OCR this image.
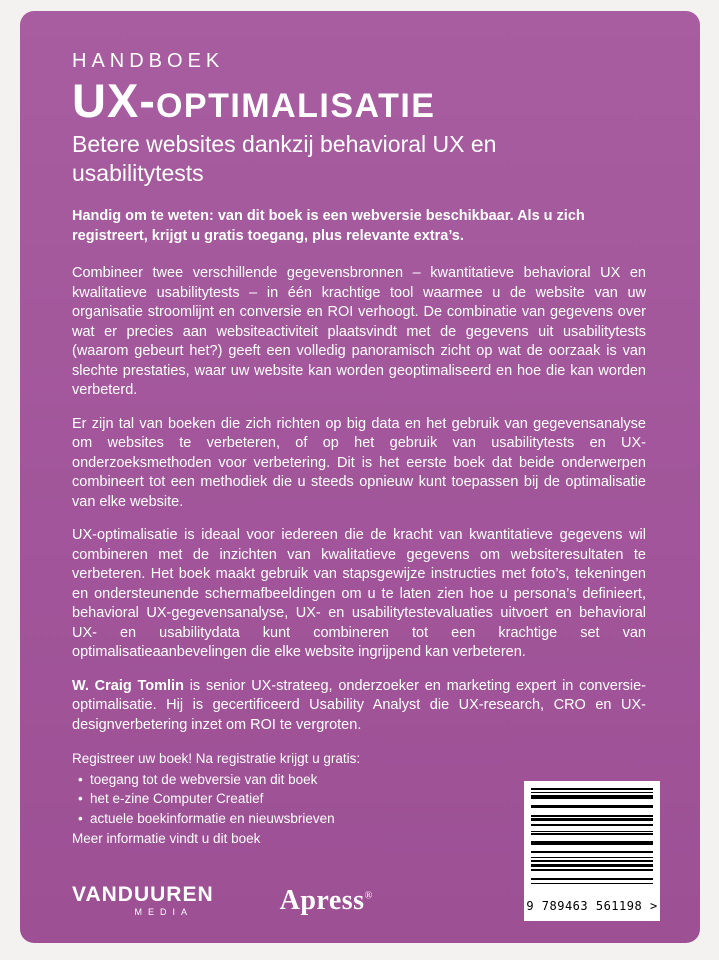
HANDBOEK
UX-OPTIMALISATIE
Betere websites dankzij behavioral UX en usabilitytests

Handig om te weten: van dit boek is een webversie beschikbaar. Als u zich registreert, krijgt u gratis toegang, plus relevante extra’s.

Combineer twee verschillende gegevensbronnen – kwantitatieve behavioral UX en kwalitatieve usabilitytests – in één krachtige tool waarmee u de website van uw organisatie stroomlijnt en conversie en ROI verhoogt. De combinatie van gegevens over wat er precies aan websiteactiviteit plaatsvindt met de gegevens uit usabilitytests (waarom gebeurt het?) geeft een volledig panoramisch zicht op wat de oorzaak is van slechte prestaties, waar uw website kan worden geoptimaliseerd en hoe die kan worden verbeterd.

Er zijn tal van boeken die zich richten op big data en het gebruik van gegevensanalyse om websites te verbeteren, of op het gebruik van usabilitytests en UX-onderzoeksmethoden voor verbetering. Dit is het eerste boek dat beide onderwerpen combineert tot een methodiek die u steeds opnieuw kunt toepassen bij de optimalisatie van elke website.

UX-optimalisatie is ideaal voor iedereen die de kracht van kwantitatieve gegevens wil combineren met de inzichten van kwalitatieve gegevens om websiteresultaten te verbeteren. Het boek maakt gebruik van stapsgewijze instructies met foto’s, tekeningen en ondersteunende schermafbeeldingen om u te laten zien hoe u persona’s definieert, behavioral UX-gegevensanalyse, UX- en usabilitytestevaluaties uitvoert en behavioral UX- en usabilitydata kunt combineren tot een krachtige set van optimalisatieaanbevelingen die elke website ingrijpend kan verbeteren.

W. Craig Tomlin is senior UX-strateeg, onderzoeker en marketing expert in conversie-optimalisatie. Hij is gecertificeerd Usability Analyst die UX-research, CRO en UX-designverbetering inzet om ROI te vergroten.

Registreer uw boek! Na registratie krijgt u gratis:

• toegang tot de webversie van dit boek
• het e-zine Computer Creatief
• actuele boekinformatie en nieuwsbrieven

Meer informatie vindt u dit boek

VANDUUREN
MEDIA	Apress®
9 789463 561198 >
